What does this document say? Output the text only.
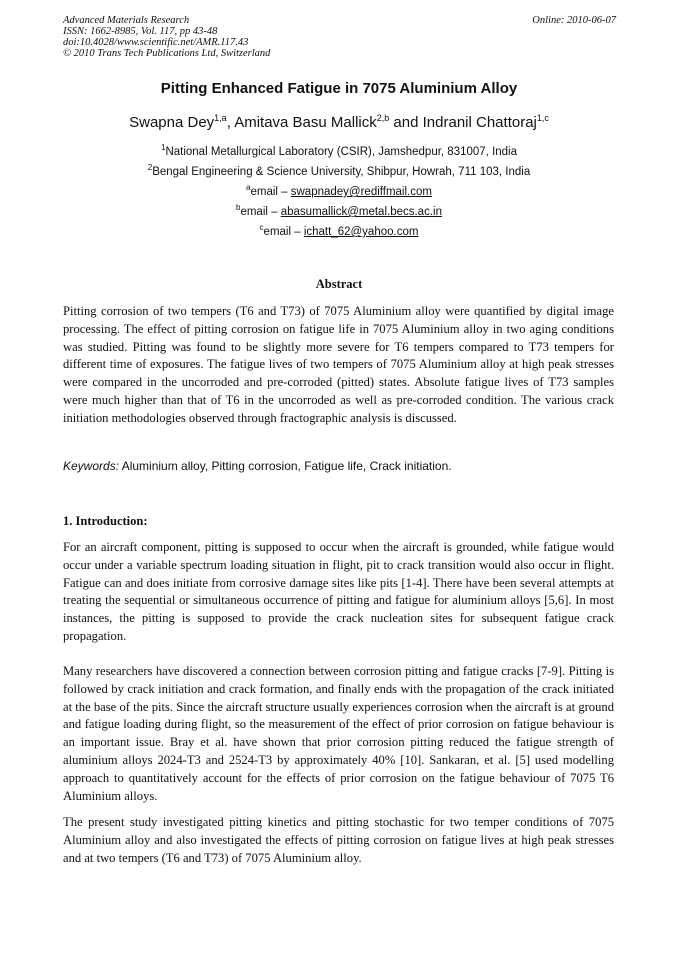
Advanced Materials Research
ISSN: 1662-8985, Vol. 117, pp 43-48
doi:10.4028/www.scientific.net/AMR.117.43
© 2010 Trans Tech Publications Ltd, Switzerland
Online: 2010-06-07
Pitting Enhanced Fatigue in 7075 Aluminium Alloy
Swapna Dey$^{1,a}$, Amitava Basu Mallick$^{2,b}$ and Indranil Chattoraj$^{1,c}$
$^1$National Metallurgical Laboratory (CSIR), Jamshedpur, 831007, India
$^2$Bengal Engineering & Science University, Shibpur, Howrah, 711 103, India
$^a$email – swapnadey@rediffmail.com
$^b$email – abasumallick@metal.becs.ac.in
$^c$email – ichatt_62@yahoo.com
Abstract
Pitting corrosion of two tempers (T6 and T73) of 7075 Aluminium alloy were quantified by digital image processing. The effect of pitting corrosion on fatigue life in 7075 Aluminium alloy in two aging conditions was studied. Pitting was found to be slightly more severe for T6 tempers compared to T73 tempers for different time of exposures. The fatigue lives of two tempers of 7075 Aluminium alloy at high peak stresses were compared in the uncorroded and pre-corroded (pitted) states. Absolute fatigue lives of T73 samples were much higher than that of T6 in the uncorroded as well as pre-corroded condition. The various crack initiation methodologies observed through fractographic analysis is discussed.
Keywords: Aluminium alloy, Pitting corrosion, Fatigue life, Crack initiation.
1. Introduction:
For an aircraft component, pitting is supposed to occur when the aircraft is grounded, while fatigue would occur under a variable spectrum loading situation in flight, pit to crack transition would also occur in flight. Fatigue can and does initiate from corrosive damage sites like pits [1-4]. There have been several attempts at treating the sequential or simultaneous occurrence of pitting and fatigue for aluminium alloys [5,6]. In most instances, the pitting is supposed to provide the crack nucleation sites for subsequent fatigue crack propagation.
Many researchers have discovered a connection between corrosion pitting and fatigue cracks [7-9]. Pitting is followed by crack initiation and crack formation, and finally ends with the propagation of the crack initiated at the base of the pits. Since the aircraft structure usually experiences corrosion when the aircraft is at ground and fatigue loading during flight, so the measurement of the effect of prior corrosion on fatigue behaviour is an important issue. Bray et al. have shown that prior corrosion pitting reduced the fatigue strength of aluminium alloys 2024-T3 and 2524-T3 by approximately 40% [10]. Sankaran, et al. [5] used modelling approach to quantitatively account for the effects of prior corrosion on the fatigue behaviour of 7075 T6 Aluminium alloys.
The present study investigated pitting kinetics and pitting stochastic for two temper conditions of 7075 Aluminium alloy and also investigated the effects of pitting corrosion on fatigue lives at high peak stresses and at two tempers (T6 and T73) of 7075 Aluminium alloy.
